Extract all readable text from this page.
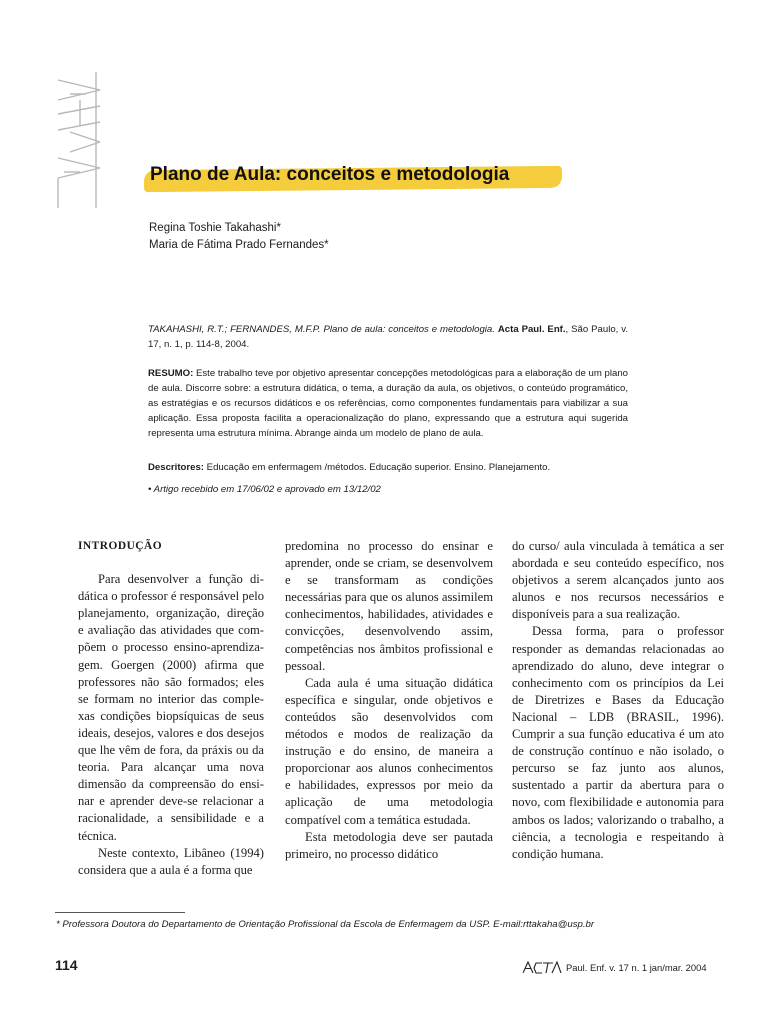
ACTA
Plano de Aula: conceitos e metodologia
Regina Toshie Takahashi*
Maria de Fátima Prado Fernandes*
TAKAHASHI, R.T.; FERNANDES, M.F.P. Plano de aula: conceitos e metodologia. Acta Paul. Enf., São Paulo, v. 17, n. 1, p. 114-8, 2004.
RESUMO: Este trabalho teve por objetivo apresentar concepções metodológicas para a elaboração de um plano de aula. Discorre sobre: a estrutura didática, o tema, a duração da aula, os objetivos, o conteúdo programático, as estratégias e os recursos didáticos e os referências, como componentes fundamentais para viabilizar a sua aplicação. Essa proposta facilita a operacionalização do plano, expressando que a estrutura aqui sugerida representa uma estrutura mínima. Abrange ainda um modelo de plano de aula.
Descritores: Educação em enfermagem /métodos. Educação superior. Ensino. Planejamento.
• Artigo recebido em 17/06/02 e aprovado em 13/12/02

INTRODUÇÃO

Para desenvolver a função didática o professor é responsável pelo planejamento, organização, direção e avaliação das atividades que compõem o processo ensino-aprendizagem. Goergen (2000) afirma que professores não são formados; eles se formam no interior das complexas condições biopsíquicas de seus ideais, desejos, valores e dos desejos que lhe vêm de fora, da práxis ou da teoria. Para alcançar uma nova dimensão da compreensão do ensinar e aprender deve-se relacionar a racionalidade, a sensibilidade e a técnica.

Neste contexto, Libâneo (1994) considera que a aula é a forma que

predomina no processo do ensinar e aprender, onde se criam, se desenvolvem e se transformam as condições necessárias para que os alunos assimilem conhecimentos, habilidades, atividades e convicções, desenvolvendo assim, competências nos âmbitos profissional e pessoal.

Cada aula é uma situação didática específica e singular, onde objetivos e conteúdos são desenvolvidos com métodos e modos de realização da instrução e do ensino, de maneira a proporcionar aos alunos conhecimentos e habilidades, expressos por meio da aplicação de uma metodologia compatível com a temática estudada.

Esta metodologia deve ser pautada primeiro, no processo didático

do curso/ aula vinculada à temática a ser abordada e seu conteúdo específico, nos objetivos a serem alcançados junto aos alunos e nos recursos necessários e disponíveis para a sua realização.

Dessa forma, para o professor responder as demandas relacionadas ao aprendizado do aluno, deve integrar o conhecimento com os princípios da Lei de Diretrizes e Bases da Educação Nacional – LDB (BRASIL, 1996). Cumprir a sua função educativa é um ato de construção contínuo e não isolado, o percurso se faz junto aos alunos, sustentado a partir da abertura para o novo, com flexibilidade e autonomia para ambos os lados; valorizando o trabalho, a ciência, a tecnologia e respeitando à condição humana.

* Professora Doutora do Departamento de Orientação Profissional da Escola de Enfermagem da USP. E-mail:rttakaha@usp.br
114
ACTA
Paul. Enf. v. 17 n. 1 jan/mar. 2004
